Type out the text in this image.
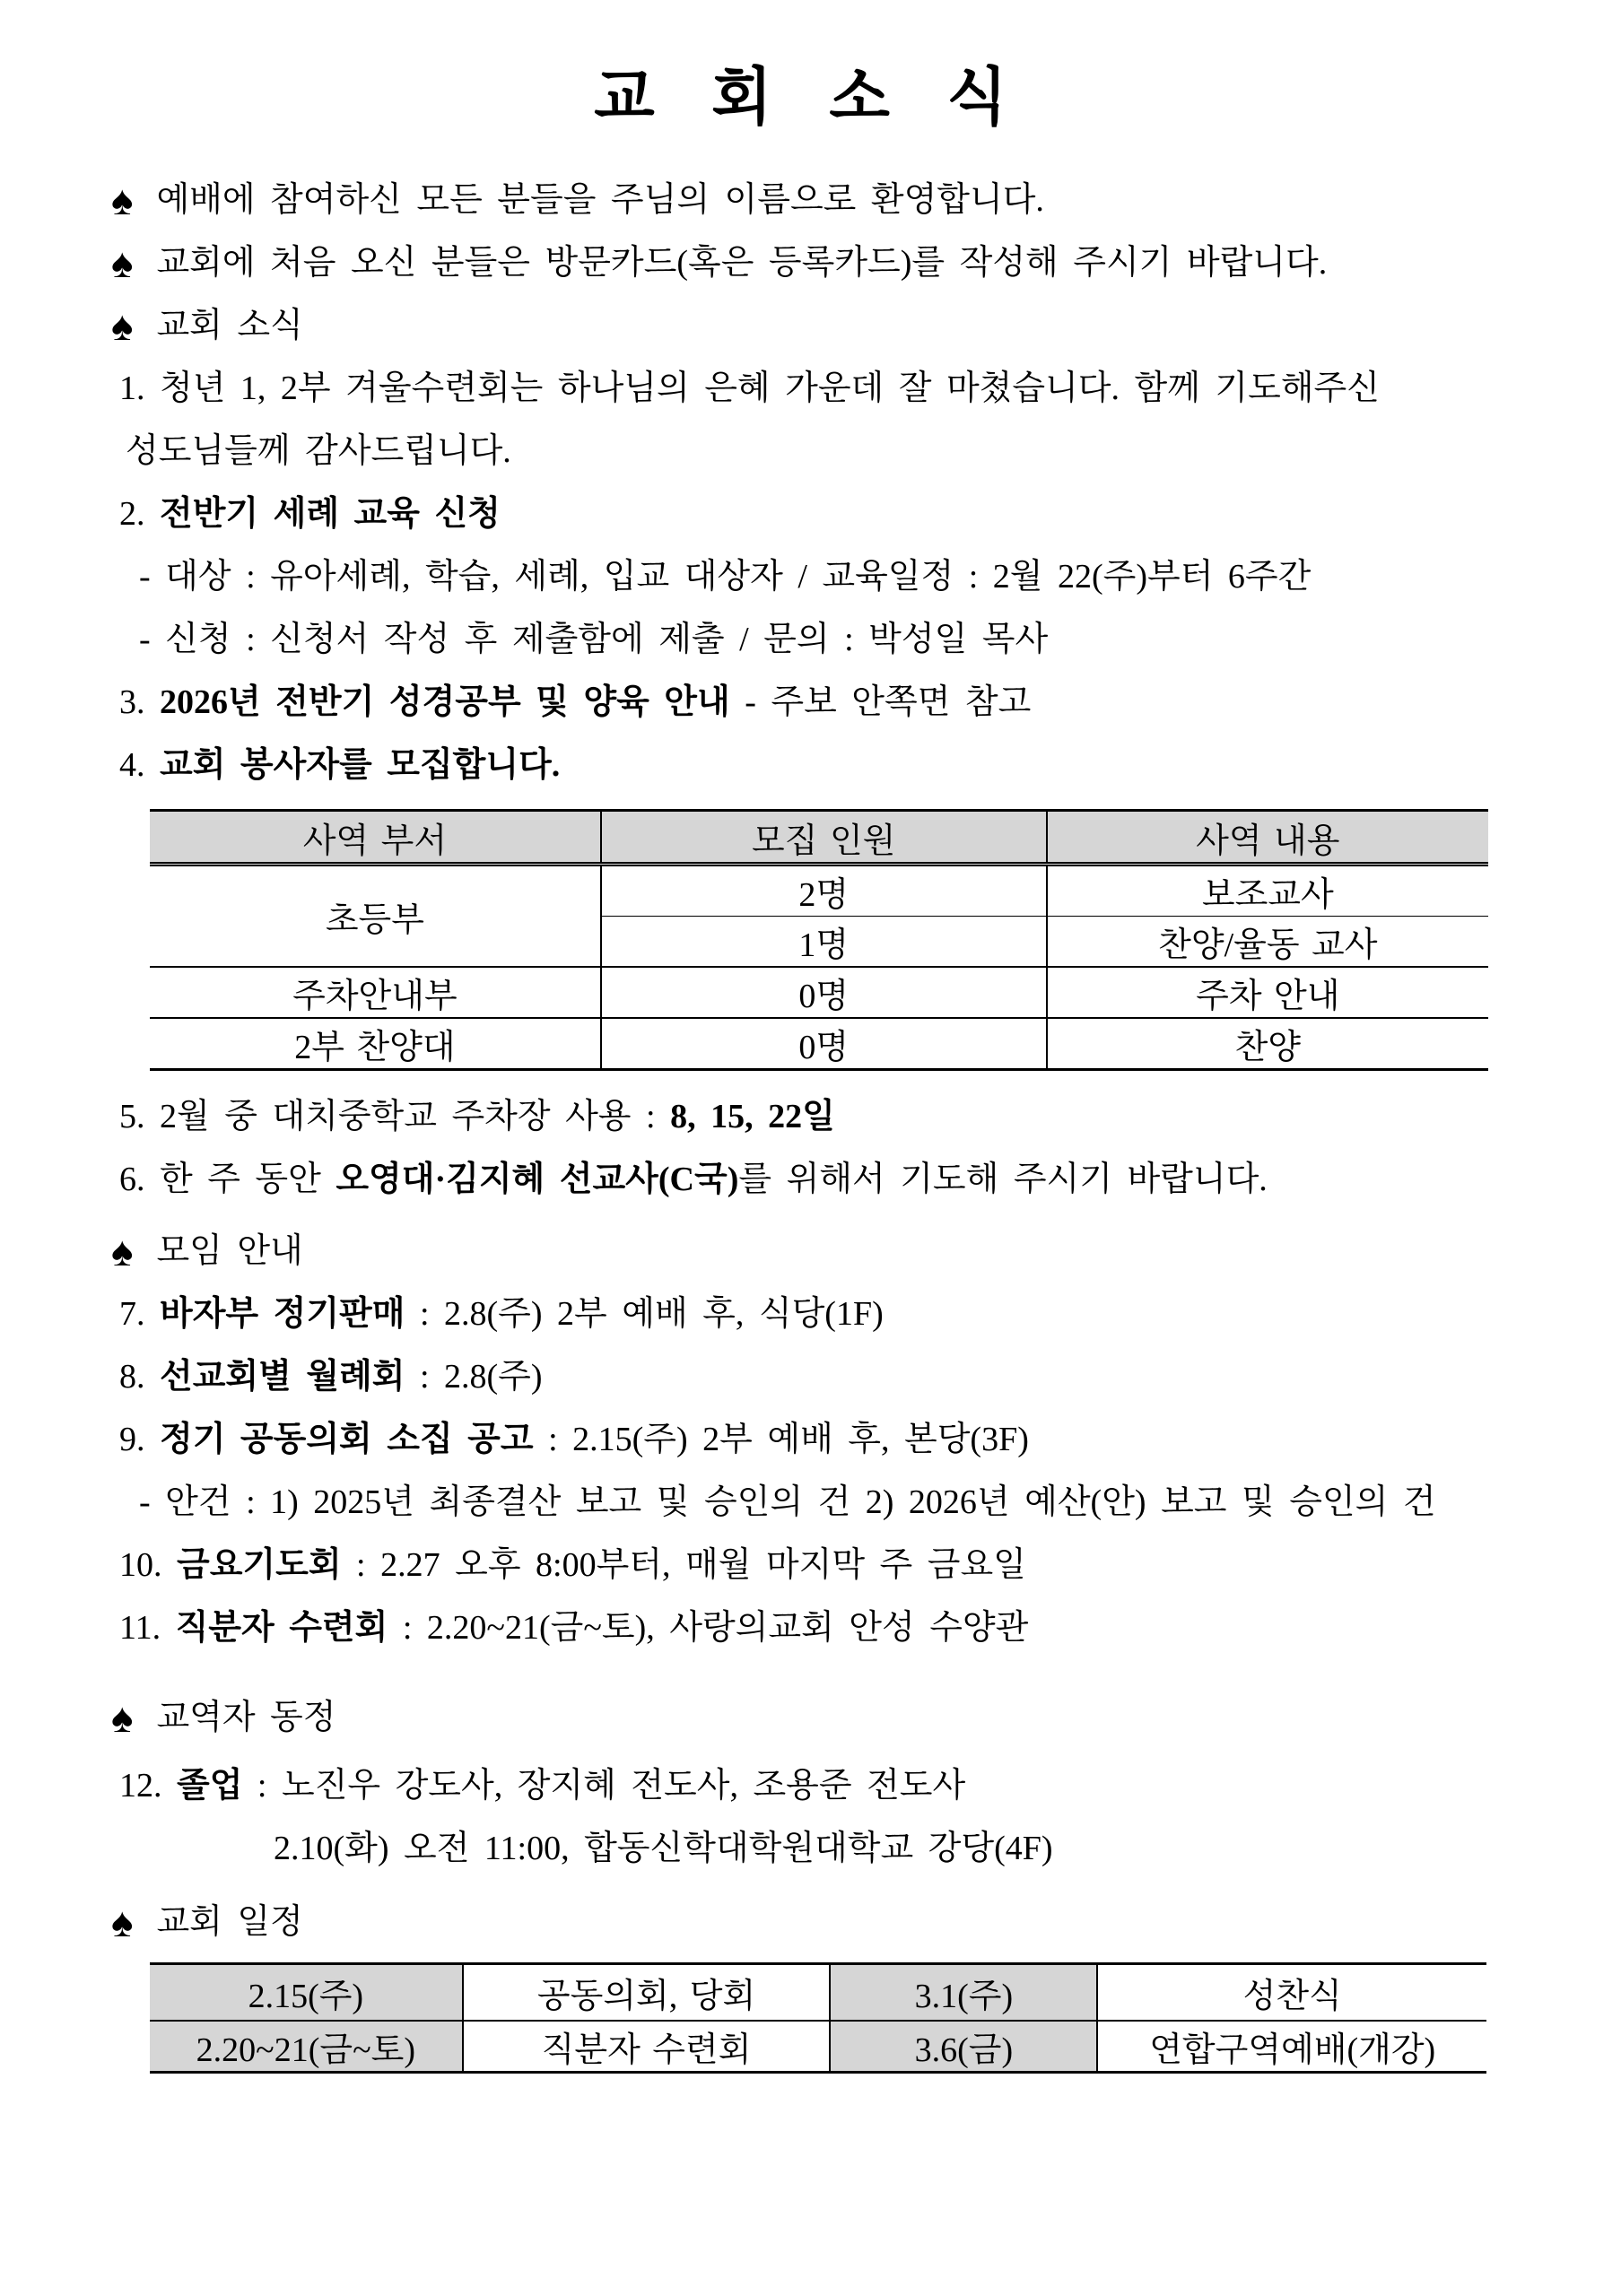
교 회 소 식
♠ 예배에 참여하신 모든 분들을 주님의 이름으로 환영합니다.
♠ 교회에 처음 오신 분들은 방문카드(혹은 등록카드)를 작성해 주시기 바랍니다.
♠ 교회 소식
1. 청년 1, 2부 겨울수련회는 하나님의 은혜 가운데 잘 마쳤습니다. 함께 기도해주신
성도님들께 감사드립니다.
2. 전반기 세례 교육 신청
- 대상 : 유아세례, 학습, 세례, 입교 대상자 / 교육일정 : 2월 22(주)부터 6주간
- 신청 : 신청서 작성 후 제출함에 제출 / 문의 : 박성일 목사
3. 2026년 전반기 성경공부 및 양육 안내 - 주보 안쪽면 참고
4. 교회 봉사자를 모집합니다.
사역 부서	모집 인원	사역 내용
초등부	2명	보조교사
	1명	찬양/율동 교사
주차안내부	0명	주차 안내
2부 찬양대	0명	찬양
5. 2월 중 대치중학교 주차장 사용 : 8, 15, 22일
6. 한 주 동안 오영대·김지혜 선교사(C국)를 위해서 기도해 주시기 바랍니다.
♠ 모임 안내
7. 바자부 정기판매 : 2.8(주) 2부 예배 후, 식당(1F)
8. 선교회별 월례회 : 2.8(주)
9. 정기 공동의회 소집 공고 : 2.15(주) 2부 예배 후, 본당(3F)
- 안건 : 1) 2025년 최종결산 보고 및 승인의 건 2) 2026년 예산(안) 보고 및 승인의 건
10. 금요기도회 : 2.27 오후 8:00부터, 매월 마지막 주 금요일
11. 직분자 수련회 : 2.20~21(금~토), 사랑의교회 안성 수양관
♠ 교역자 동정
12. 졸업 : 노진우 강도사, 장지혜 전도사, 조용준 전도사
2.10(화) 오전 11:00, 합동신학대학원대학교 강당(4F)
♠ 교회 일정
2.15(주)	공동의회, 당회	3.1(주)	성찬식
2.20~21(금~토)	직분자 수련회	3.6(금)	연합구역예배(개강)
